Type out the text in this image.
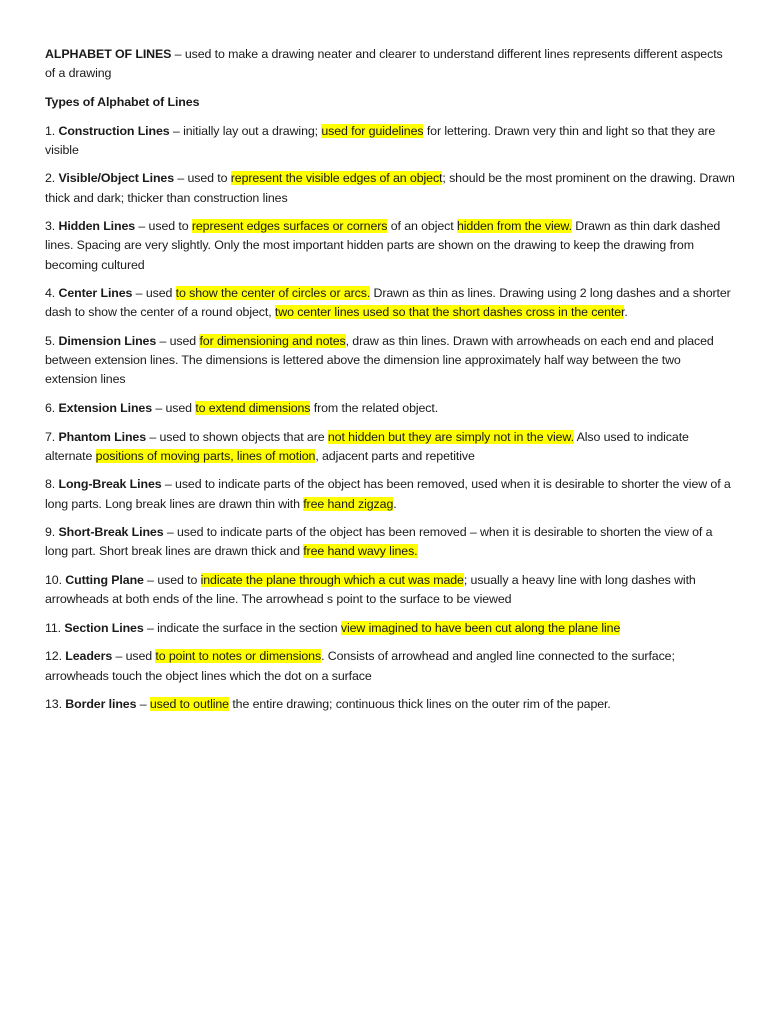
ALPHABET OF LINES – used to make a drawing neater and clearer to understand different lines represents different aspects of a drawing

Types of Alphabet of Lines

1. Construction Lines – initially lay out a drawing; used for guidelines for lettering. Drawn very thin and light so that they are visible

2. Visible/Object Lines – used to represent the visible edges of an object; should be the most prominent on the drawing. Drawn thick and dark; thicker than construction lines

3. Hidden Lines – used to represent edges surfaces or corners of an object hidden from the view. Drawn as thin dark dashed lines. Spacing are very slightly. Only the most important hidden parts are shown on the drawing to keep the drawing from becoming cultured

4. Center Lines – used to show the center of circles or arcs. Drawn as thin as lines. Drawing using 2 long dashes and a shorter dash to show the center of a round object, two center lines used so that the short dashes cross in the center.

5. Dimension Lines – used for dimensioning and notes, draw as thin lines. Drawn with arrowheads on each end and placed between extension lines. The dimensions is lettered above the dimension line approximately half way between the two extension lines

6. Extension Lines – used to extend dimensions from the related object.

7. Phantom Lines – used to shown objects that are not hidden but they are simply not in the view. Also used to indicate alternate positions of moving parts, lines of motion, adjacent parts and repetitive

8. Long-Break Lines – used to indicate parts of the object has been removed, used when it is desirable to shorter the view of a long parts. Long break lines are drawn thin with free hand zigzag.

9. Short-Break Lines – used to indicate parts of the object has been removed – when it is desirable to shorten the view of a long part. Short break lines are drawn thick and free hand wavy lines.

10. Cutting Plane – used to indicate the plane through which a cut was made; usually a heavy line with long dashes with arrowheads at both ends of the line. The arrowhead s point to the surface to be viewed

11. Section Lines – indicate the surface in the section view imagined to have been cut along the plane line

12. Leaders – used to point to notes or dimensions. Consists of arrowhead and angled line connected to the surface; arrowheads touch the object lines which the dot on a surface

13. Border lines – used to outline the entire drawing; continuous thick lines on the outer rim of the paper.
